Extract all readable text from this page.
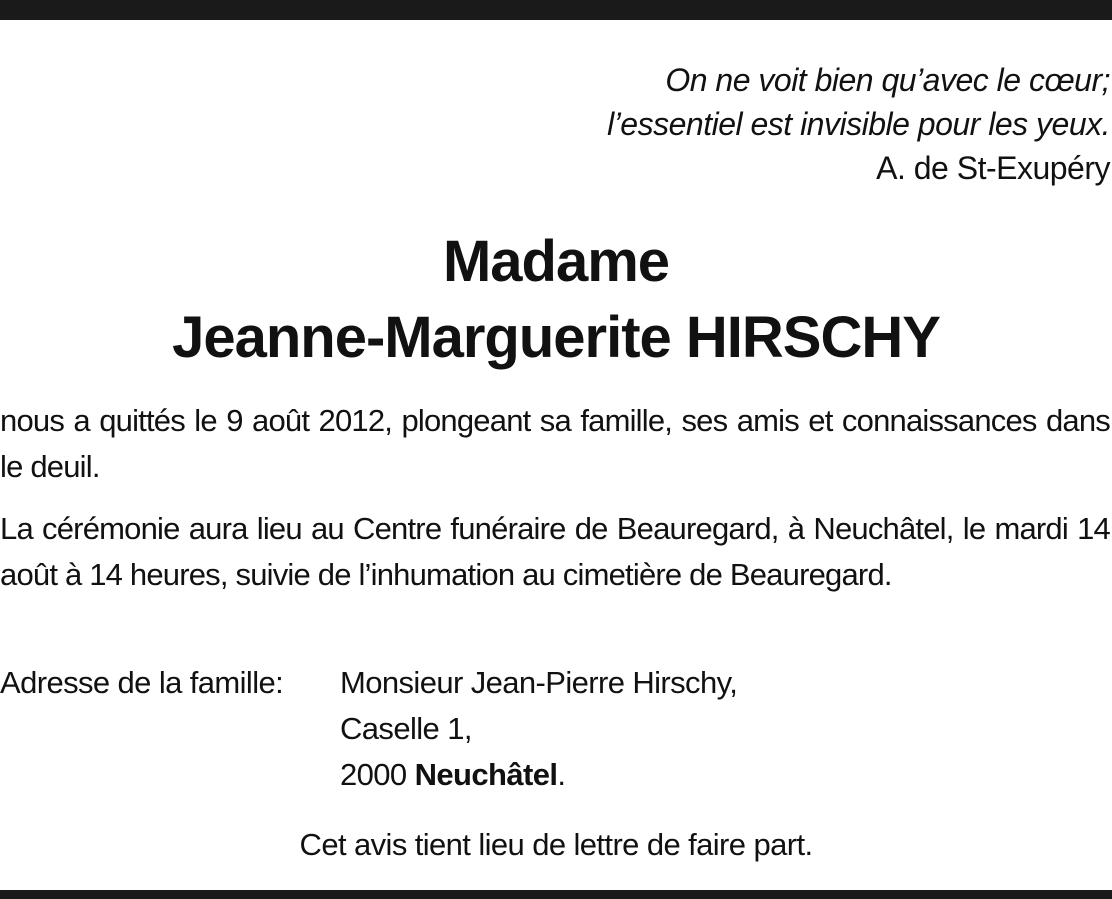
On ne voit bien qu’avec le cœur;
l’essentiel est invisible pour les yeux.
A. de St-Exupéry
Madame
Jeanne-Marguerite HIRSCHY

nous a quittés le 9 août 2012, plongeant sa famille, ses amis et connaissances dans le deuil.

La cérémonie aura lieu au Centre funéraire de Beauregard, à Neuchâtel, le mardi 14 août à 14 heures, suivie de l’inhumation au cimetière de Beauregard.

Adresse de la famille: Monsieur Jean-Pierre Hirschy,
Caselle 1,
2000 Neuchâtel.
Cet avis tient lieu de lettre de faire part.
